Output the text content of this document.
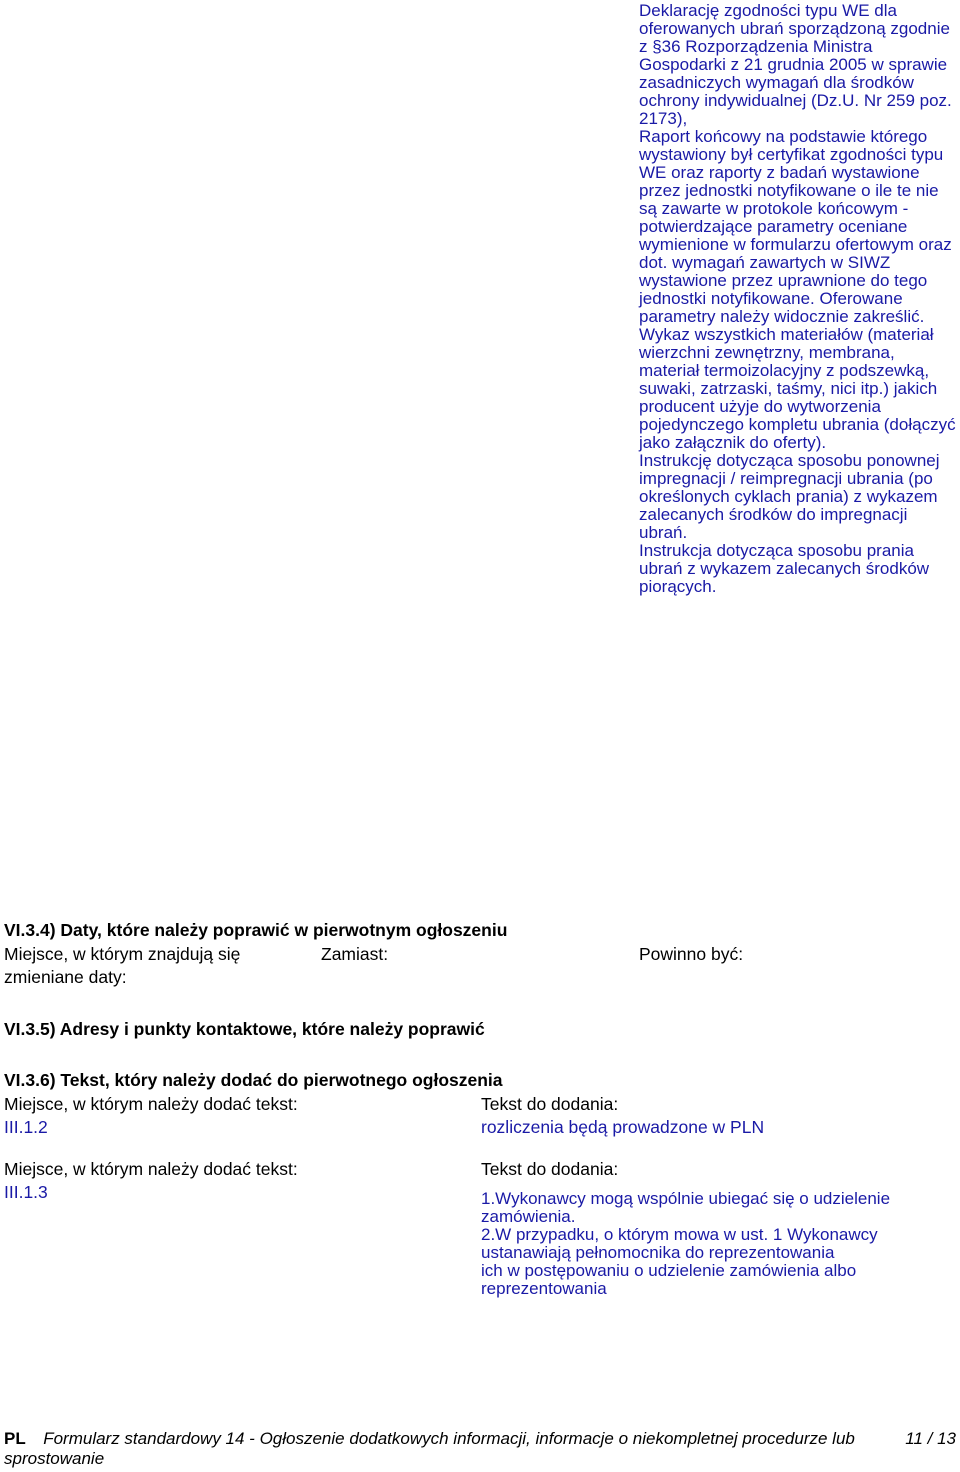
Deklarację zgodności typu WE dla oferowanych ubrań sporządzoną zgodnie z §36 Rozporządzenia Ministra Gospodarki z 21 grudnia 2005 w sprawie zasadniczych wymagań dla środków ochrony indywidualnej (Dz.U. Nr 259 poz. 2173),

Raport końcowy na podstawie którego wystawiony był certyfikat zgodności typu WE oraz raporty z badań wystawione przez jednostki notyfikowane o ile te nie są zawarte w protokole końcowym - potwierdzające parametry oceniane wymienione w formularzu ofertowym oraz dot. wymagań zawartych w SIWZ wystawione przez uprawnione do tego jednostki notyfikowane. Oferowane parametry należy widocznie zakreślić.

Wykaz wszystkich materiałów (materiał wierzchni zewnętrzny, membrana, materiał termoizolacyjny z podszewką, suwaki, zatrzaski, taśmy, nici itp.) jakich producent użyje do wytworzenia pojedynczego kompletu ubrania (dołączyć jako załącznik do oferty).

Instrukcję dotycząca sposobu ponownej impregnacji / reimpregnacji ubrania (po określonych cyklach prania) z wykazem zalecanych środków do impregnacji ubrań.

Instrukcja dotycząca sposobu prania ubrań z wykazem zalecanych środków piorących.

VI.3.4) Daty, które należy poprawić w pierwotnym ogłoszeniu
Miejsce, w którym znajdują się
zmieniane daty:
Zamiast:	Powinno być:
VI.3.5) Adresy i punkty kontaktowe, które należy poprawić
VI.3.6) Tekst, który należy dodać do pierwotnego ogłoszenia
Miejsce, w którym należy dodać tekst:	Tekst do dodania:
III.1.2	rozliczenia będą prowadzone w PLN
Miejsce, w którym należy dodać tekst:	Tekst do dodania:
III.1.3	1.Wykonawcy mogą wspólnie ubiegać się o udzielenie zamówienia.

2.W przypadku, o którym mowa w ust. 1 Wykonawcy ustanawiają pełnomocnika do reprezentowania

ich w postępowaniu o udzielenie zamówienia albo reprezentowania

PL Formularz standardowy 14 - Ogłoszenie dodatkowych informacji, informacje o niekompletnej procedurze lub sprostowanie
11 / 13
